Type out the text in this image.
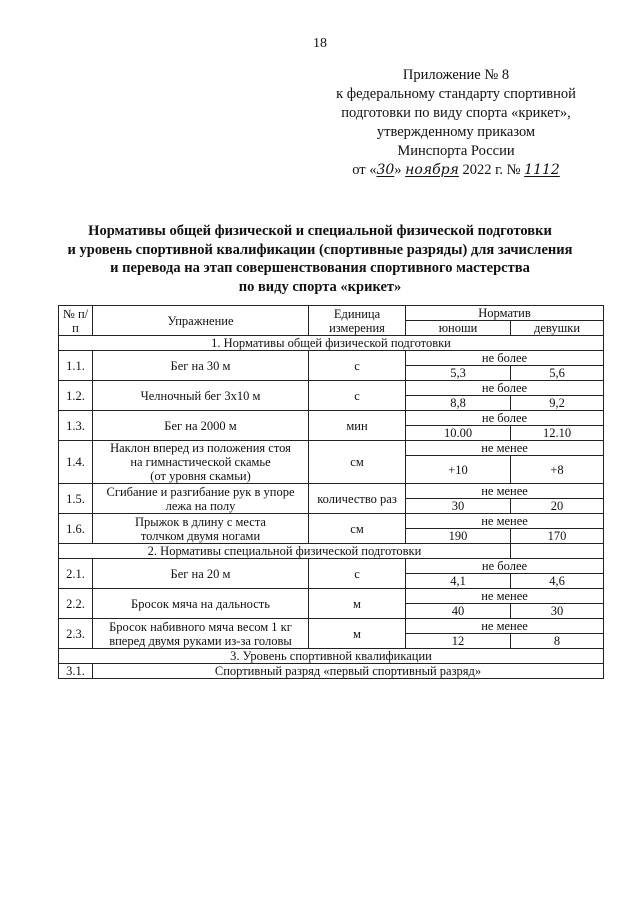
18
Приложение № 8
к федеральному стандарту спортивной
подготовки по виду спорта «крикет»,
утвержденному приказом
Минспорта России
от «30» ноября 2022 г. № 1112
Нормативы общей физической и специальной физической подготовки
и уровень спортивной квалификации (спортивные разряды) для зачисления
и перевода на этап совершенствования спортивного мастерства
по виду спорта «крикет»
№ п/п	Упражнение	Единица измерения	Норматив	
			юноши	девушки
1. Нормативы общей физической подготовки				
1.1.	Бег на 30 м	с	не более	
			5,3	5,6
1.2.	Челночный бег 3х10 м	с	не более	
			8,8	9,2
1.3.	Бег на 2000 м	мин	не более	
			10.00	12.10
1.4.	Наклон вперед из положения стоя
на гимнастической скамье
(от уровня скамьи)	см	не менее	
			+10	+8
1.5.	Сгибание и разгибание рук в упоре
лежа на полу	количество раз	не менее	
			30	20
1.6.	Прыжок в длину с места
толчком двумя ногами	см	не менее	
			190	170
2. Нормативы специальной физической подготовки				
2.1.	Бег на 20 м	с	не более	
			4,1	4,6
2.2.	Бросок мяча на дальность	м	не менее	
			40	30
2.3.	Бросок набивного мяча весом 1 кг
вперед двумя руками из-за головы	м	не менее	
			12	8
3. Уровень спортивной квалификации				
3.1.	Спортивный разряд «первый спортивный разряд»			
